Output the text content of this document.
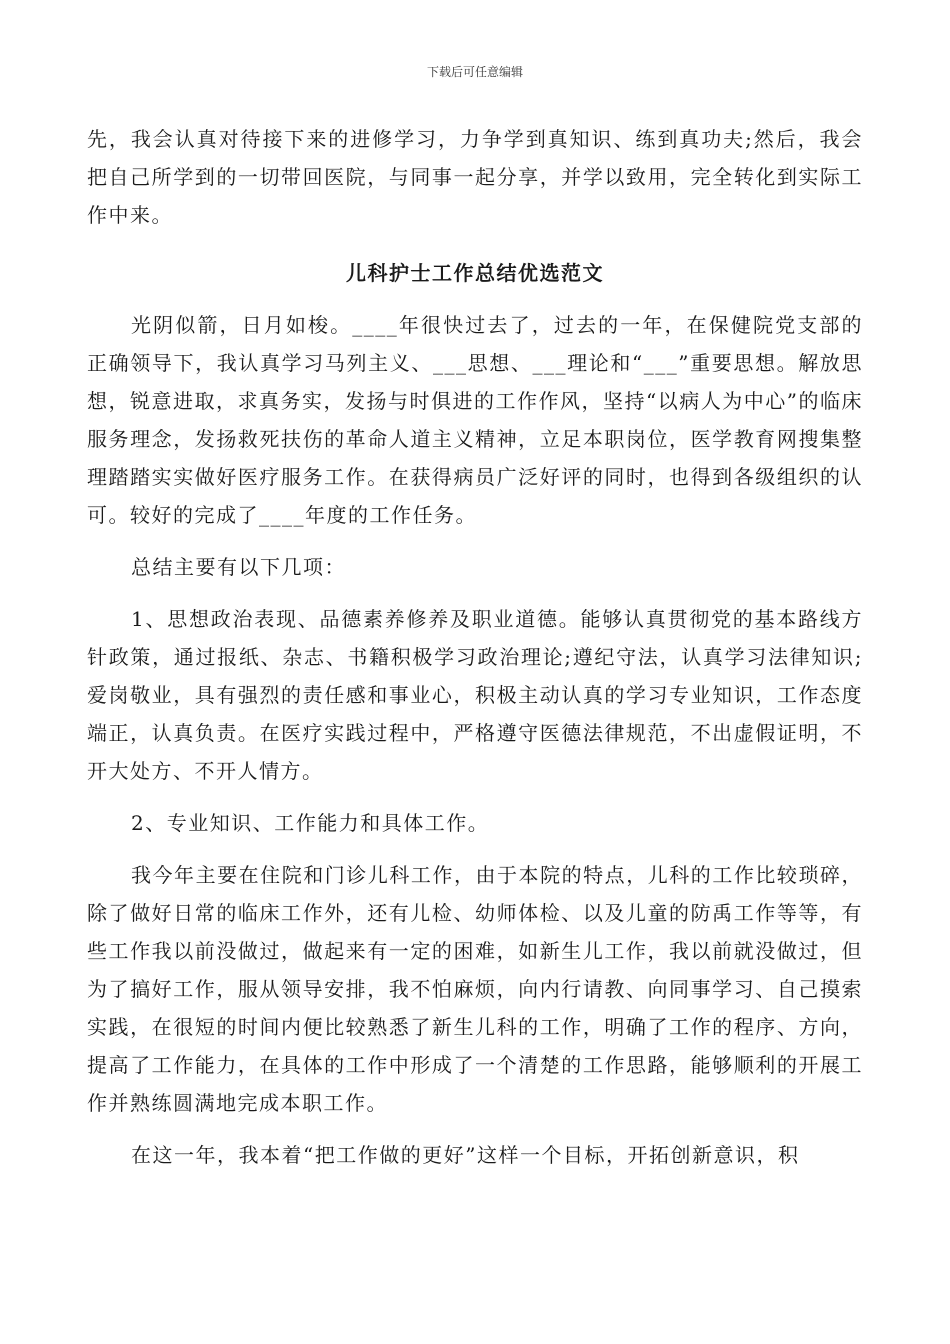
下载后可任意编辑

先，我会认真对待接下来的进修学习，力争学到真知识、练到真功夫;然后，我会把自己所学到的一切带回医院，与同事一起分享，并学以致用，完全转化到实际工作中来。

儿科护士工作总结优选范文

光阴似箭，日月如梭。____年很快过去了，过去的一年，在保健院党支部的正确领导下，我认真学习马列主义、___思想、___理论和“___”重要思想。解放思想，锐意进取，求真务实，发扬与时俱进的工作作风，坚持“以病人为中心”的临床服务理念，发扬救死扶伤的革命人道主义精神，立足本职岗位，医学教育网搜集整理踏踏实实做好医疗服务工作。在获得病员广泛好评的同时，也得到各级组织的认可。较好的完成了____年度的工作任务。

总结主要有以下几项：

1、思想政治表现、品德素养修养及职业道德。能够认真贯彻党的基本路线方针政策，通过报纸、杂志、书籍积极学习政治理论;遵纪守法，认真学习法律知识;爱岗敬业，具有强烈的责任感和事业心，积极主动认真的学习专业知识，工作态度端正，认真负责。在医疗实践过程中，严格遵守医德法律规范，不出虚假证明，不开大处方、不开人情方。

2、专业知识、工作能力和具体工作。

我今年主要在住院和门诊儿科工作，由于本院的特点，儿科的工作比较琐碎，除了做好日常的临床工作外，还有儿检、幼师体检、以及儿童的防禹工作等等，有些工作我以前没做过，做起来有一定的困难，如新生儿工作，我以前就没做过，但为了搞好工作，服从领导安排，我不怕麻烦，向内行请教、向同事学习、自己摸索实践，在很短的时间内便比较熟悉了新生儿科的工作，明确了工作的程序、方向，提高了工作能力，在具体的工作中形成了一个清楚的工作思路，能够顺利的开展工作并熟练圆满地完成本职工作。

在这一年，我本着“把工作做的更好”这样一个目标，开拓创新意识，积
